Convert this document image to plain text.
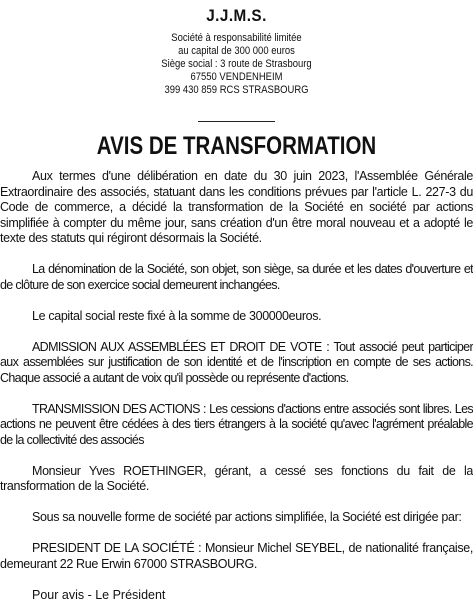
J.J.M.S.
Société à responsabilité limitée
au capital de 300 000 euros
Siège social : 3 route de Strasbourg
67550 VENDENHEIM
399 430 859 RCS STRASBOURG
AVIS DE TRANSFORMATION

Aux termes d'une délibération en date du 30 juin 2023, l'Assemblée Générale Extraordinaire des associés, statuant dans les conditions prévues par l'article L. 227-3 du Code de commerce, a décidé la transformation de la Société en société par actions simplifiée à compter du même jour, sans création d'un être moral nouveau et a adopté le texte des statuts qui régiront désormais la Société.

La dénomination de la Société, son objet, son siège, sa durée et les dates d'ouverture et de clôture de son exercice social demeurent inchangées.

Le capital social reste fixé à la somme de 300000euros.

ADMISSION AUX ASSEMBLÉES ET DROIT DE VOTE : Tout associé peut participer aux assemblées sur justification de son identité et de l'inscription en compte de ses actions. Chaque associé a autant de voix qu'il possède ou représente d'actions.

TRANSMISSION DES ACTIONS : Les cessions d'actions entre associés sont libres. Les actions ne peuvent être cédées à des tiers étrangers à la société qu'avec l'agrément préalable de la collectivité des associés

Monsieur Yves ROETHINGER, gérant, a cessé ses fonctions du fait de la transformation de la Société.

Sous sa nouvelle forme de société par actions simplifiée, la Société est dirigée par:

PRESIDENT DE LA SOCIÉTÉ : Monsieur Michel SEYBEL, de nationalité française, demeurant 22 Rue Erwin 67000 STRASBOURG.

Pour avis - Le Président
